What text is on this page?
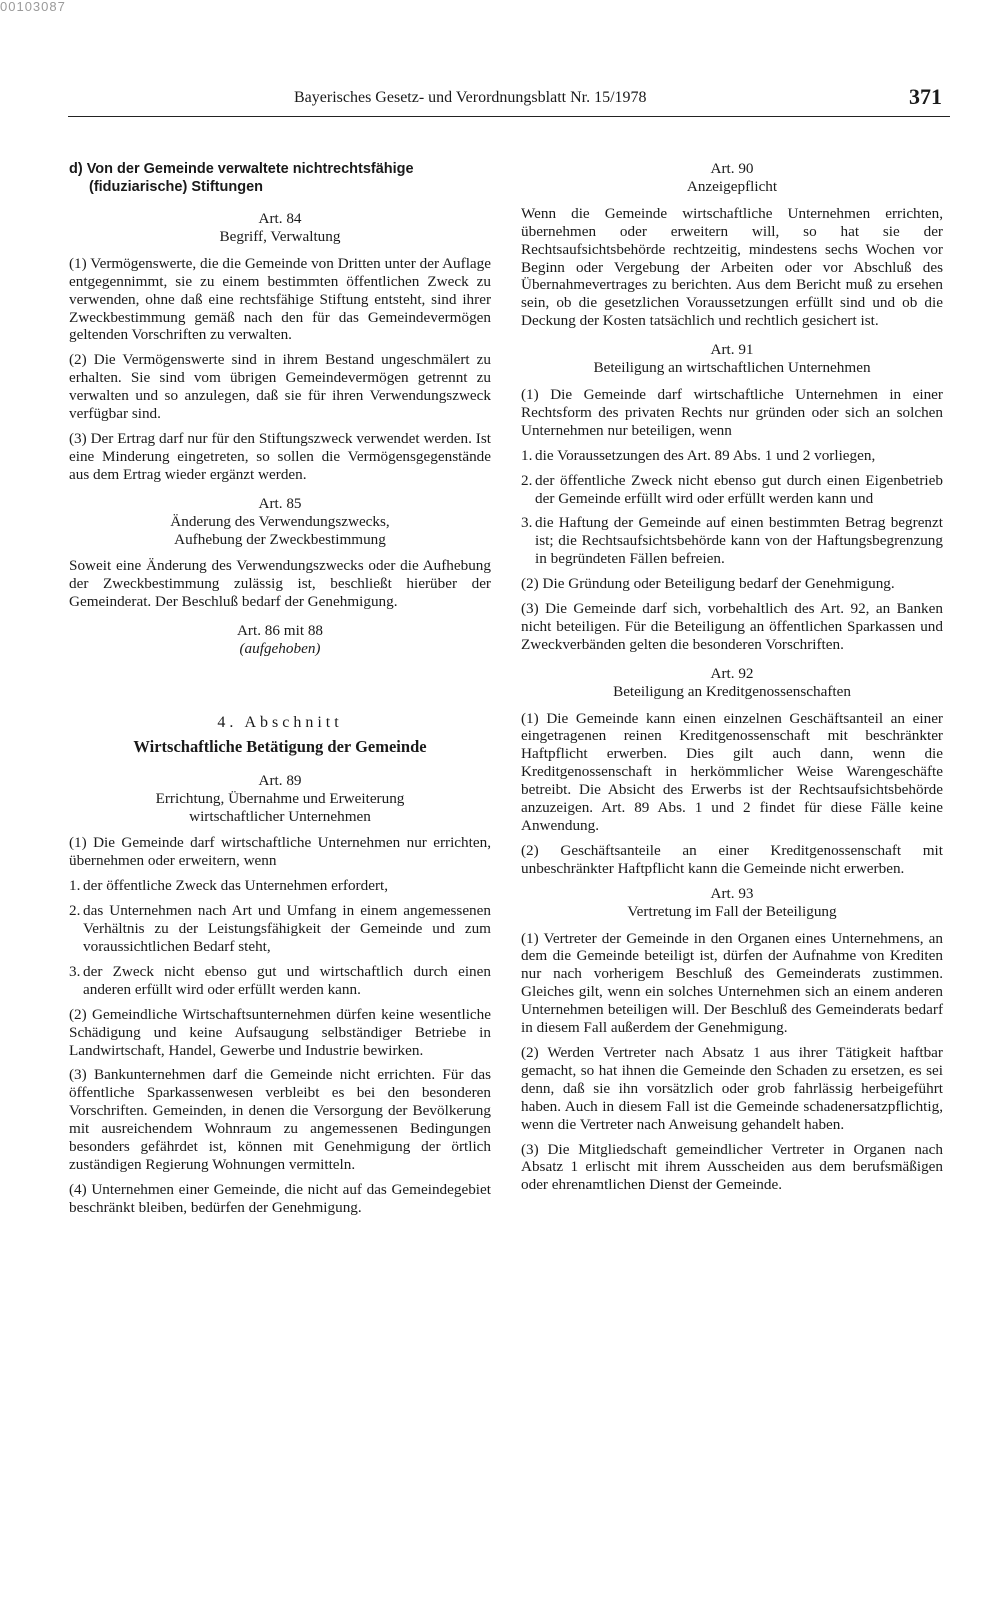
00103087
Bayerisches Gesetz- und Verordnungsblatt Nr. 15/1978	371
d) Von der Gemeinde verwaltete nichtrechtsfähige
(fiduziarische) Stiftungen
Art. 84
Begriff, Verwaltung

(1) Vermögenswerte, die die Gemeinde von Dritten unter der Auflage entgegennimmt, sie zu einem bestimmten öffentlichen Zweck zu verwenden, ohne daß eine rechtsfähige Stiftung entsteht, sind ihrer Zweckbestimmung gemäß nach den für das Gemeindevermögen geltenden Vorschriften zu verwalten.

(2) Die Vermögenswerte sind in ihrem Bestand ungeschmälert zu erhalten. Sie sind vom übrigen Gemeindevermögen getrennt zu verwalten und so anzulegen, daß sie für ihren Verwendungszweck verfügbar sind.

(3) Der Ertrag darf nur für den Stiftungszweck verwendet werden. Ist eine Minderung eingetreten, so sollen die Vermögensgegenstände aus dem Ertrag wieder ergänzt werden.

Art. 85
Änderung des Verwendungszwecks,
Aufhebung der Zweckbestimmung

Soweit eine Änderung des Verwendungszwecks oder die Aufhebung der Zweckbestimmung zulässig ist, beschließt hierüber der Gemeinderat. Der Beschluß bedarf der Genehmigung.

Art. 86 mit 88
(aufgehoben)
4. Abschnitt
Wirtschaftliche Betätigung der Gemeinde
Art. 89
Errichtung, Übernahme und Erweiterung
wirtschaftlicher Unternehmen

(1) Die Gemeinde darf wirtschaftliche Unternehmen nur errichten, übernehmen oder erweitern, wenn

1. der öffentliche Zweck das Unternehmen erfordert,
2. das Unternehmen nach Art und Umfang in einem angemessenen Verhältnis zu der Leistungsfähigkeit der Gemeinde und zum voraussichtlichen Bedarf steht,
3. der Zweck nicht ebenso gut und wirtschaftlich durch einen anderen erfüllt wird oder erfüllt werden kann.

(2) Gemeindliche Wirtschaftsunternehmen dürfen keine wesentliche Schädigung und keine Aufsaugung selbständiger Betriebe in Landwirtschaft, Handel, Gewerbe und Industrie bewirken.

(3) Bankunternehmen darf die Gemeinde nicht errichten. Für das öffentliche Sparkassenwesen verbleibt es bei den besonderen Vorschriften. Gemeinden, in denen die Versorgung der Bevölkerung mit ausreichendem Wohnraum zu angemessenen Bedingungen besonders gefährdet ist, können mit Genehmigung der örtlich zuständigen Regierung Wohnungen vermitteln.

(4) Unternehmen einer Gemeinde, die nicht auf das Gemeindegebiet beschränkt bleiben, bedürfen der Genehmigung.

Art. 90
Anzeigepflicht

Wenn die Gemeinde wirtschaftliche Unternehmen errichten, übernehmen oder erweitern will, so hat sie der Rechtsaufsichtsbehörde rechtzeitig, mindestens sechs Wochen vor Beginn oder Vergebung der Arbeiten oder vor Abschluß des Übernahmevertrages zu berichten. Aus dem Bericht muß zu ersehen sein, ob die gesetzlichen Voraussetzungen erfüllt sind und ob die Deckung der Kosten tatsächlich und rechtlich gesichert ist.

Art. 91
Beteiligung an wirtschaftlichen Unternehmen

(1) Die Gemeinde darf wirtschaftliche Unternehmen in einer Rechtsform des privaten Rechts nur gründen oder sich an solchen Unternehmen nur beteiligen, wenn

1. die Voraussetzungen des Art. 89 Abs. 1 und 2 vorliegen,
2. der öffentliche Zweck nicht ebenso gut durch einen Eigenbetrieb der Gemeinde erfüllt wird oder erfüllt werden kann und
3. die Haftung der Gemeinde auf einen bestimmten Betrag begrenzt ist; die Rechtsaufsichtsbehörde kann von der Haftungsbegrenzung in begründeten Fällen befreien.

(2) Die Gründung oder Beteiligung bedarf der Genehmigung.

(3) Die Gemeinde darf sich, vorbehaltlich des Art. 92, an Banken nicht beteiligen. Für die Beteiligung an öffentlichen Sparkassen und Zweckverbänden gelten die besonderen Vorschriften.

Art. 92
Beteiligung an Kreditgenossenschaften

(1) Die Gemeinde kann einen einzelnen Geschäftsanteil an einer eingetragenen reinen Kreditgenossenschaft mit beschränkter Haftpflicht erwerben. Dies gilt auch dann, wenn die Kreditgenossenschaft in herkömmlicher Weise Warengeschäfte betreibt. Die Absicht des Erwerbs ist der Rechtsaufsichtsbehörde anzuzeigen. Art. 89 Abs. 1 und 2 findet für diese Fälle keine Anwendung.

(2) Geschäftsanteile an einer Kreditgenossenschaft mit unbeschränkter Haftpflicht kann die Gemeinde nicht erwerben.

Art. 93
Vertretung im Fall der Beteiligung

(1) Vertreter der Gemeinde in den Organen eines Unternehmens, an dem die Gemeinde beteiligt ist, dürfen der Aufnahme von Krediten nur nach vorherigem Beschluß des Gemeinderats zustimmen. Gleiches gilt, wenn ein solches Unternehmen sich an einem anderen Unternehmen beteiligen will. Der Beschluß des Gemeinderats bedarf in diesem Fall außerdem der Genehmigung.

(2) Werden Vertreter nach Absatz 1 aus ihrer Tätigkeit haftbar gemacht, so hat ihnen die Gemeinde den Schaden zu ersetzen, es sei denn, daß sie ihn vorsätzlich oder grob fahrlässig herbeigeführt haben. Auch in diesem Fall ist die Gemeinde schadenersatzpflichtig, wenn die Vertreter nach Anweisung gehandelt haben.

(3) Die Mitgliedschaft gemeindlicher Vertreter in Organen nach Absatz 1 erlischt mit ihrem Ausscheiden aus dem berufsmäßigen oder ehrenamtlichen Dienst der Gemeinde.
